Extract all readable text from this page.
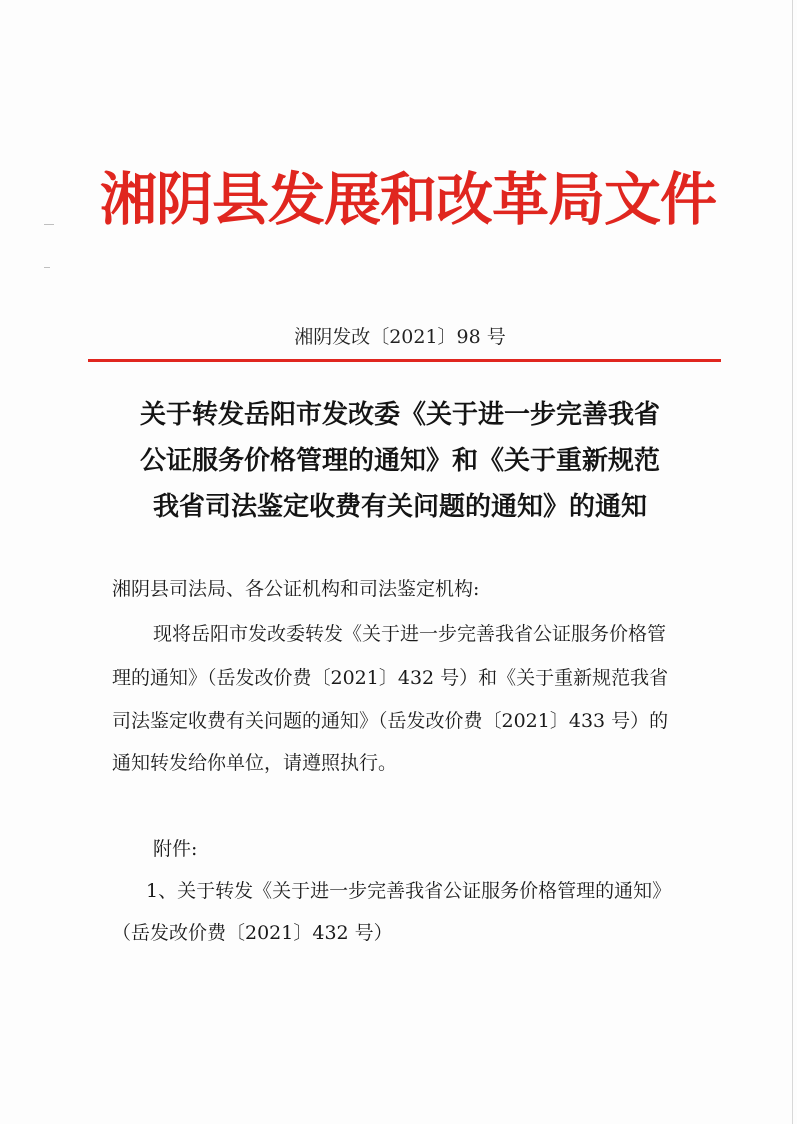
湘阴县发展和改革局文件
湘阴发改〔2021〕98 号
关于转发岳阳市发改委《关于进一步完善我省
公证服务价格管理的通知》和《关于重新规范
我省司法鉴定收费有关问题的通知》的通知
湘阴县司法局、各公证机构和司法鉴定机构:
现将岳阳市发改委转发《关于进一步完善我省公证服务价格管
理的通知》（岳发改价费〔2021〕432 号）和《关于重新规范我省
司法鉴定收费有关问题的通知》（岳发改价费〔2021〕433 号）的
通知转发给你单位，请遵照执行。
附件:
1、关于转发《关于进一步完善我省公证服务价格管理的通知》
（岳发改价费〔2021〕432 号）
